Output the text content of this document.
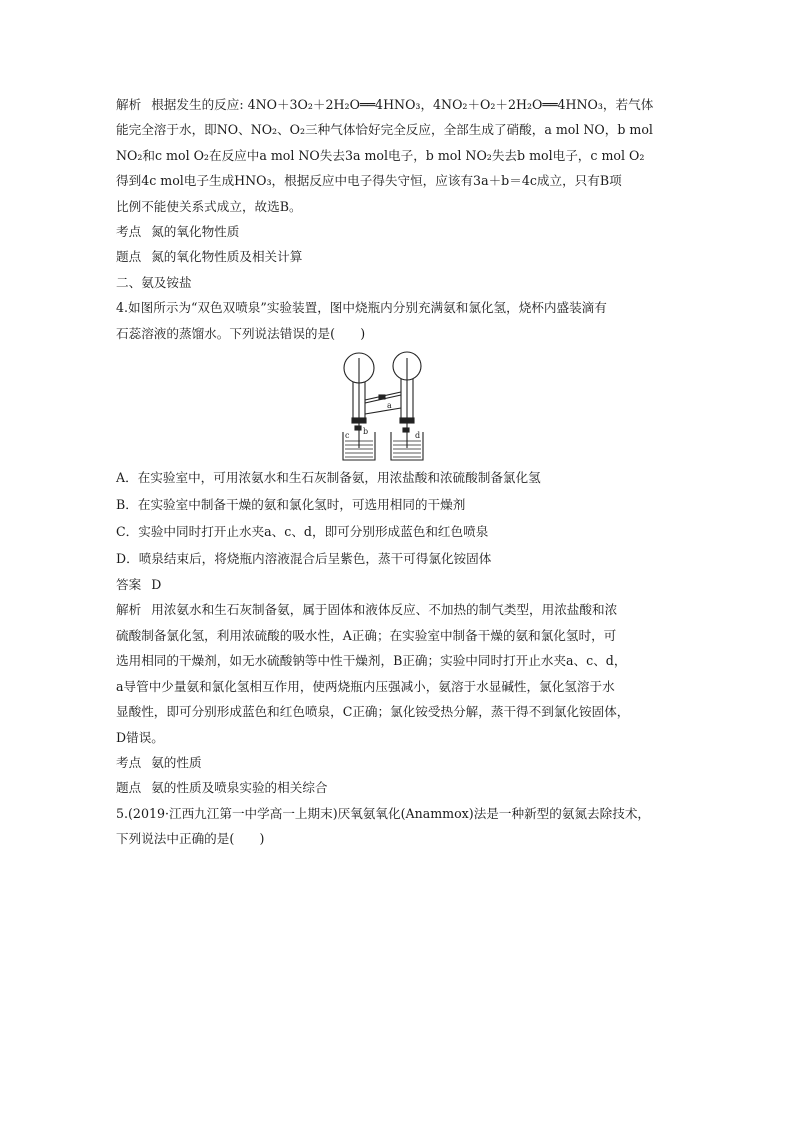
解析 根据发生的反应: 4NO＋3O₂＋2H₂O══4HNO₃，4NO₂＋O₂＋2H₂O══4HNO₃，若气体
能完全溶于水，即NO、NO₂、O₂三种气体恰好完全反应，全部生成了硝酸，a mol NO，b mol
NO₂和c mol O₂在反应中a mol NO失去3a mol电子，b mol NO₂失去b mol电子，c mol O₂
得到4c mol电子生成HNO₃，根据反应中电子得失守恒，应该有3a＋b＝4c成立，只有B项
比例不能使关系式成立，故选B。

考点 氮的氧化物性质

题点 氮的氧化物性质及相关计算

二、氨及铵盐

4.如图所示为“双色双喷泉”实验装置，图中烧瓶内分别充满氨和氯化氢，烧杯内盛装滴有
石蕊溶液的蒸馏水。下列说法错误的是(　　)

a
b
c	d

A．在实验室中，可用浓氨水和生石灰制备氨，用浓盐酸和浓硫酸制备氯化氢

B．在实验室中制备干燥的氨和氯化氢时，可选用相同的干燥剂

C．实验中同时打开止水夹a、c、d，即可分别形成蓝色和红色喷泉

D．喷泉结束后，将烧瓶内溶液混合后呈紫色，蒸干可得氯化铵固体

答案 D

解析 用浓氨水和生石灰制备氨，属于固体和液体反应、不加热的制气类型，用浓盐酸和浓
硫酸制备氯化氢，利用浓硫酸的吸水性，A正确；在实验室中制备干燥的氨和氯化氢时，可
选用相同的干燥剂，如无水硫酸钠等中性干燥剂，B正确；实验中同时打开止水夹a、c、d，
a导管中少量氨和氯化氢相互作用，使两烧瓶内压强减小，氨溶于水显碱性，氯化氢溶于水
显酸性，即可分别形成蓝色和红色喷泉，C正确；氯化铵受热分解，蒸干得不到氯化铵固体，
D错误。

考点 氨的性质

题点 氨的性质及喷泉实验的相关综合

5.(2019·江西九江第一中学高一上期末)厌氧氨氧化(Anammox)法是一种新型的氨氮去除技术，
下列说法中正确的是(　　)
